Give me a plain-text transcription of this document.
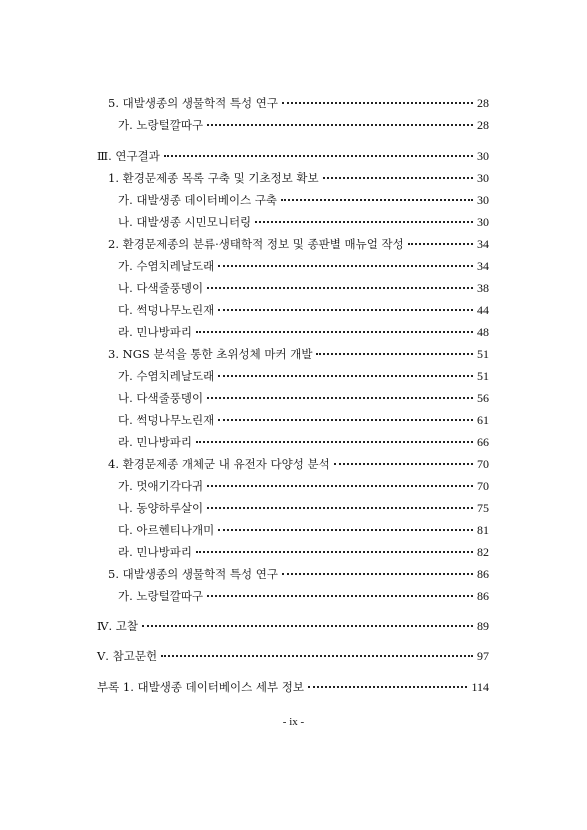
5. 대발생종의 생물학적 특성 연구	28
가. 노랑털깔따구	28
Ⅲ. 연구결과	30
1. 환경문제종 목록 구축 및 기초정보 확보	30
가. 대발생종 데이터베이스 구축	30
나. 대발생종 시민모니터링	30
2. 환경문제종의 분류·생태학적 정보 및 종판별 매뉴얼 작성	34
가. 수염치레날도래	34
나. 다색줄풍뎅이	38
다. 썩덩나무노린재	44
라. 민나방파리	48
3. NGS 분석을 통한 초위성체 마커 개발	51
가. 수염치레날도래	51
나. 다색줄풍뎅이	56
다. 썩덩나무노린재	61
라. 민나방파리	66
4. 환경문제종 개체군 내 유전자 다양성 분석	70
가. 멋애기각다귀	70
나. 동양하루살이	75
다. 아르헨티나개미	81
라. 민나방파리	82
5. 대발생종의 생물학적 특성 연구	86
가. 노랑털깔따구	86
Ⅳ. 고찰	89
Ⅴ. 참고문헌	97
부록 1. 대발생종 데이터베이스 세부 정보	114
- ix -
